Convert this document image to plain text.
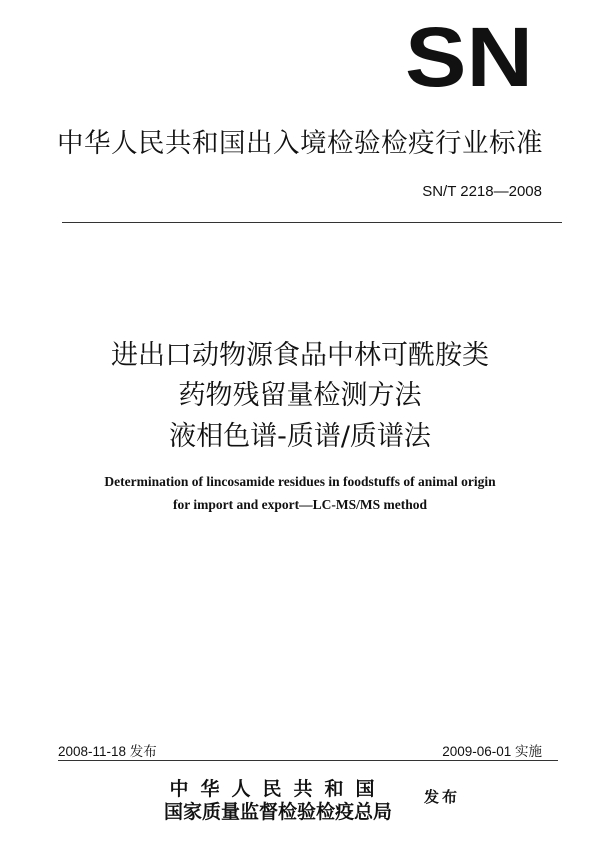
SN
中华人民共和国出入境检验检疫行业标准
SN/T 2218—2008
进出口动物源食品中林可酰胺类
药物残留量检测方法
液相色谱-质谱/质谱法
Determination of lincosamide residues in foodstuffs of animal origin
for import and export—LC-MS/MS method
2008-11-18 发布	2009-06-01 实施
中华人民共和国
国家质量监督检验检疫总局
发布
